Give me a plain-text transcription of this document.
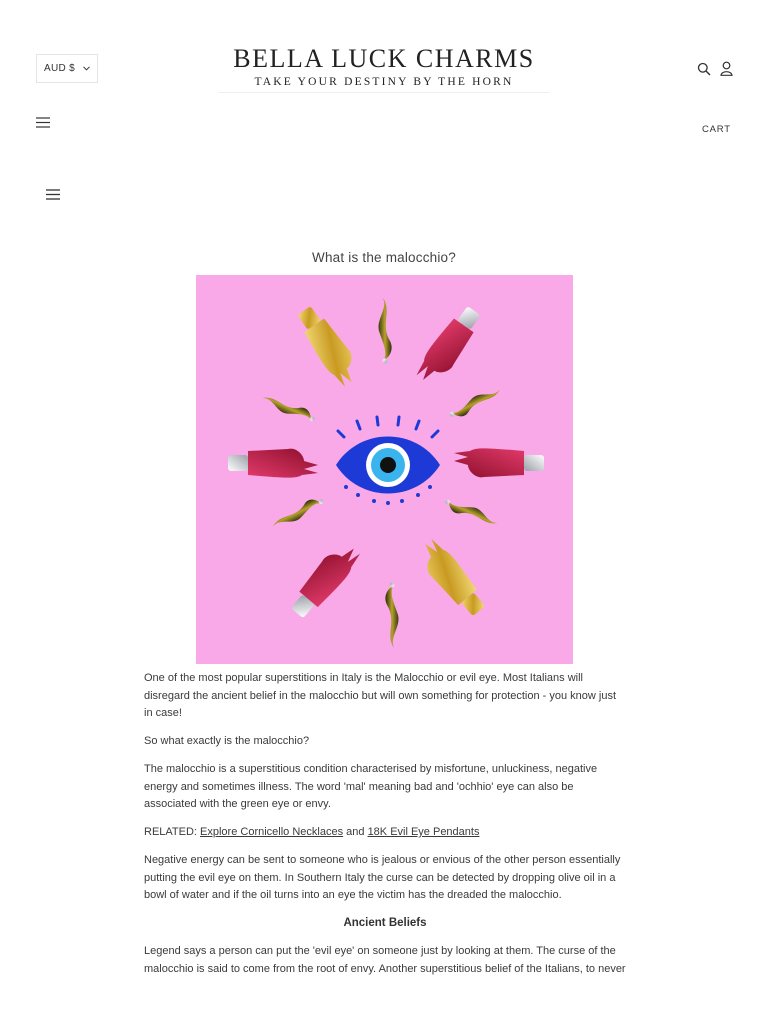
AUD $	BELLA LUCK CHARMS
TAKE YOUR DESTINY BY THE HORN
CART
What is the malocchio?

One of the most popular superstitions in Italy is the Malocchio or evil eye. Most Italians will disregard the ancient belief in the malocchio but will own something for protection - you know just in case!

So what exactly is the malocchio?

The malocchio is a superstitious condition characterised by misfortune, unluckiness, negative energy and sometimes illness. The word 'mal' meaning bad and 'ochhio' eye can also be associated with the green eye or envy.

RELATED: Explore Cornicello Necklaces and 18K Evil Eye Pendants

Negative energy can be sent to someone who is jealous or envious of the other person essentially putting the evil eye on them. In Southern Italy the curse can be detected by dropping olive oil in a bowl of water and if the oil turns into an eye the victim has the dreaded the malocchio.

Ancient Beliefs

Legend says a person can put the 'evil eye' on someone just by looking at them. The curse of the malocchio is said to come from the root of envy. Another superstitious belief of the Italians, to never
